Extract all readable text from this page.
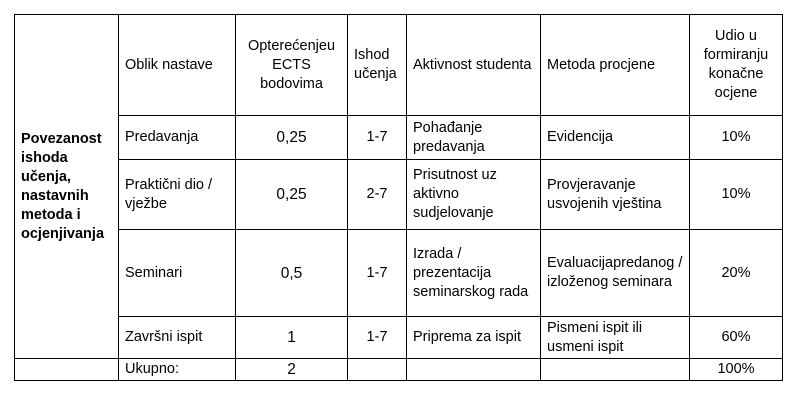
Povezanost ishoda učenja, nastavnih metoda i ocjenjivanja	Oblik nastave	Opterećenjeu ECTS bodovima	Ishod učenja	Aktivnost studenta	Metoda procjene	Udio u formiranju konačne ocjene
	Predavanja	0,25	1-7	Pohađanje predavanja	Evidencija	10%
	Praktični dio / vježbe	0,25	2-7	Prisutnost uz aktivno sudjelovanje	Provjeravanje usvojenih vještina	10%
	Seminari	0,5	1-7	Izrada / prezentacija seminarskog rada	Evaluacijapredanog / izloženog seminara	20%
	Završni ispit	1	1-7	Priprema za ispit	Pismeni ispit ili usmeni ispit	60%
	Ukupno:	2				100%
